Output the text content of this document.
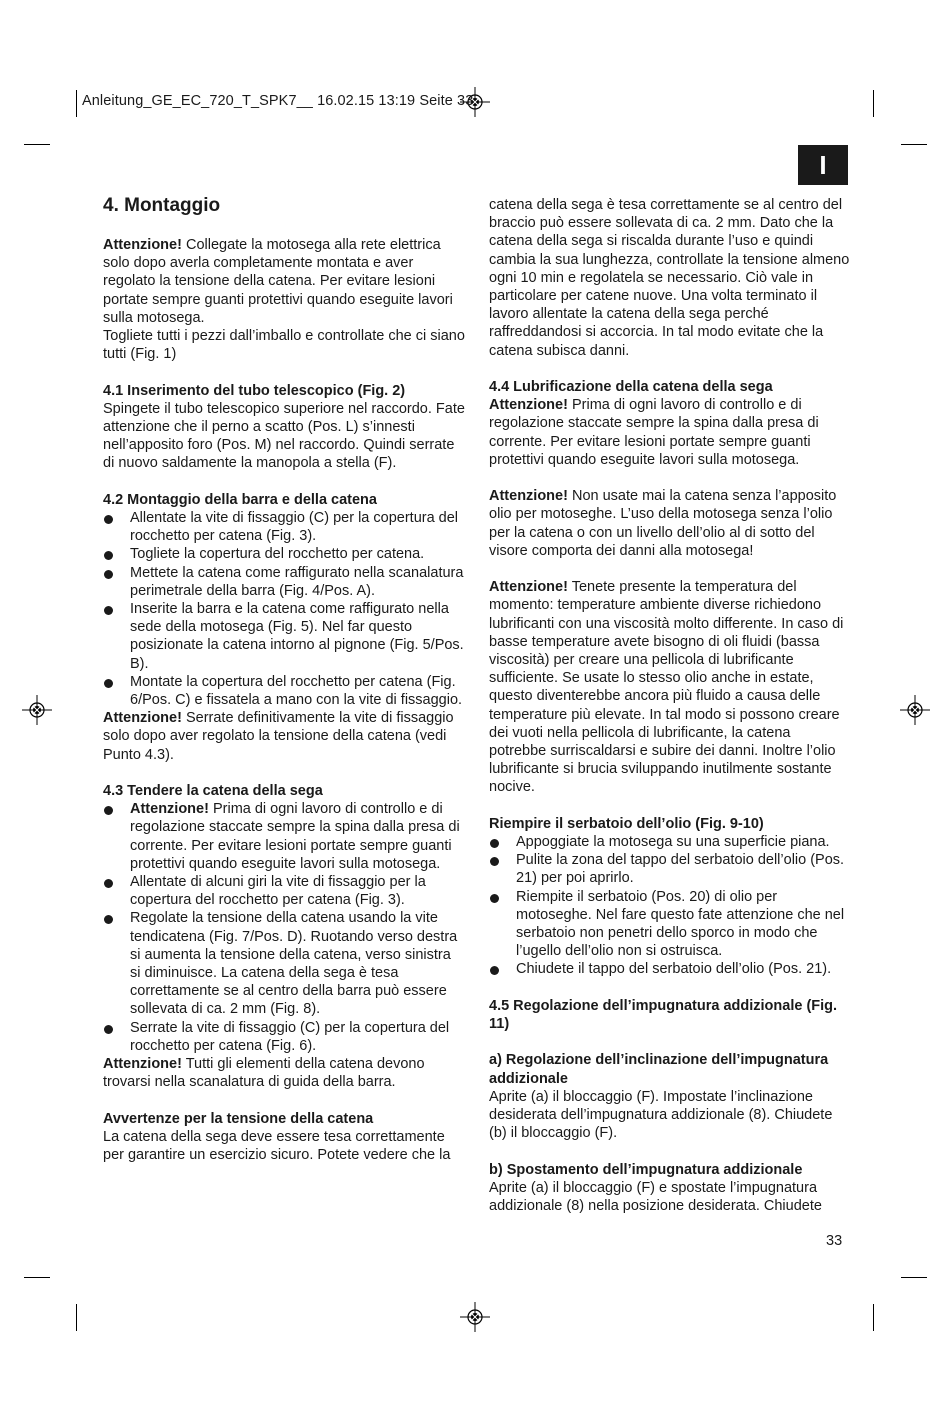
Anleitung_GE_EC_720_T_SPK7__ 16.02.15 13:19 Seite 33
I
4. Montaggio

Attenzione! Collegate la motosega alla rete elettrica solo dopo averla completamente montata e aver regolato la tensione della catena. Per evitare lesioni portate sempre guanti protettivi quando eseguite lavori sulla motosega.

Togliete tutti i pezzi dall’imballo e controllate che ci siano tutti (Fig. 1)

4.1 Inserimento del tubo telescopico (Fig. 2)

Spingete il tubo telescopico superiore nel raccordo. Fate attenzione che il perno a scatto (Pos. L) s’innesti nell’apposito foro (Pos. M) nel raccordo. Quindi serrate di nuovo saldamente la manopola a stella (F).

4.2 Montaggio della barra e della catena

Allentate la vite di fissaggio (C) per la copertura del rocchetto per catena (Fig. 3).
Togliete la copertura del rocchetto per catena.
Mettete la catena come raffigurato nella scanalatura perimetrale della barra (Fig. 4/Pos. A).
Inserite la barra e la catena come raffigurato nella sede della motosega (Fig. 5). Nel far questo posizionate la catena intorno al pignone (Fig. 5/Pos. B).
Montate la copertura del rocchetto per catena (Fig. 6/Pos. C) e fissatela a mano con la vite di fissaggio.

Attenzione! Serrate definitivamente la vite di fissaggio solo dopo aver regolato la tensione della catena (vedi Punto 4.3).

4.3 Tendere la catena della sega

Attenzione! Prima di ogni lavoro di controllo e di regolazione staccate sempre la spina dalla presa di corrente. Per evitare lesioni portate sempre guanti protettivi quando eseguite lavori sulla motosega.
Allentate di alcuni giri la vite di fissaggio per la copertura del rocchetto per catena (Fig. 3).
Regolate la tensione della catena usando la vite tendicatena (Fig. 7/Pos. D). Ruotando verso destra si aumenta la tensione della catena, verso sinistra si diminuisce. La catena della sega è tesa correttamente se al centro della barra può essere sollevata di ca. 2 mm (Fig. 8).
Serrate la vite di fissaggio (C) per la copertura del rocchetto per catena (Fig. 6).

Attenzione! Tutti gli elementi della catena devono trovarsi nella scanalatura di guida della barra.

Avvertenze per la tensione della catena

La catena della sega deve essere tesa correttamente per garantire un esercizio sicuro. Potete vedere che la

catena della sega è tesa correttamente se al centro del braccio può essere sollevata di ca. 2 mm. Dato che la catena della sega si riscalda durante l’uso e quindi cambia la sua lunghezza, controllate la tensione almeno ogni 10 min e regolatela se necessario. Ciò vale in particolare per catene nuove. Una volta terminato il lavoro allentate la catena della sega perché raffreddandosi si accorcia. In tal modo evitate che la catena subisca danni.

4.4 Lubrificazione della catena della sega

Attenzione! Prima di ogni lavoro di controllo e di regolazione staccate sempre la spina dalla presa di corrente. Per evitare lesioni portate sempre guanti protettivi quando eseguite lavori sulla motosega.

Attenzione! Non usate mai la catena senza l’apposito olio per motoseghe. L’uso della motosega senza l’olio per la catena o con un livello dell’olio al di sotto del visore comporta dei danni alla motosega!

Attenzione! Tenete presente la temperatura del momento: temperature ambiente diverse richiedono lubrificanti con una viscosità molto differente. In caso di basse temperature avete bisogno di oli fluidi (bassa viscosità) per creare una pellicola di lubrificante sufficiente. Se usate lo stesso olio anche in estate, questo diventerebbe ancora più fluido a causa delle temperature più elevate. In tal modo si possono creare dei vuoti nella pellicola di lubrificante, la catena potrebbe surriscaldarsi e subire dei danni. Inoltre l’olio lubrificante si brucia sviluppando inutilmente sostante nocive.

Riempire il serbatoio dell’olio (Fig. 9-10)

Appoggiate la motosega su una superficie piana.
Pulite la zona del tappo del serbatoio dell’olio (Pos. 21) per poi aprirlo.
Riempite il serbatoio (Pos. 20) di olio per motoseghe. Nel fare questo fate attenzione che nel serbatoio non penetri dello sporco in modo che l’ugello dell’olio non si ostruisca.
Chiudete il tappo del serbatoio dell’olio (Pos. 21).

4.5 Regolazione dell’impugnatura addizionale (Fig. 11)

a) Regolazione dell’inclinazione dell’impugnatura addizionale

Aprite (a) il bloccaggio (F). Impostate l’inclinazione desiderata dell’impugnatura addizionale (8). Chiudete (b) il bloccaggio (F).

b) Spostamento dell’impugnatura addizionale

Aprite (a) il bloccaggio (F) e spostate l’impugnatura addizionale (8) nella posizione desiderata. Chiudete

33
